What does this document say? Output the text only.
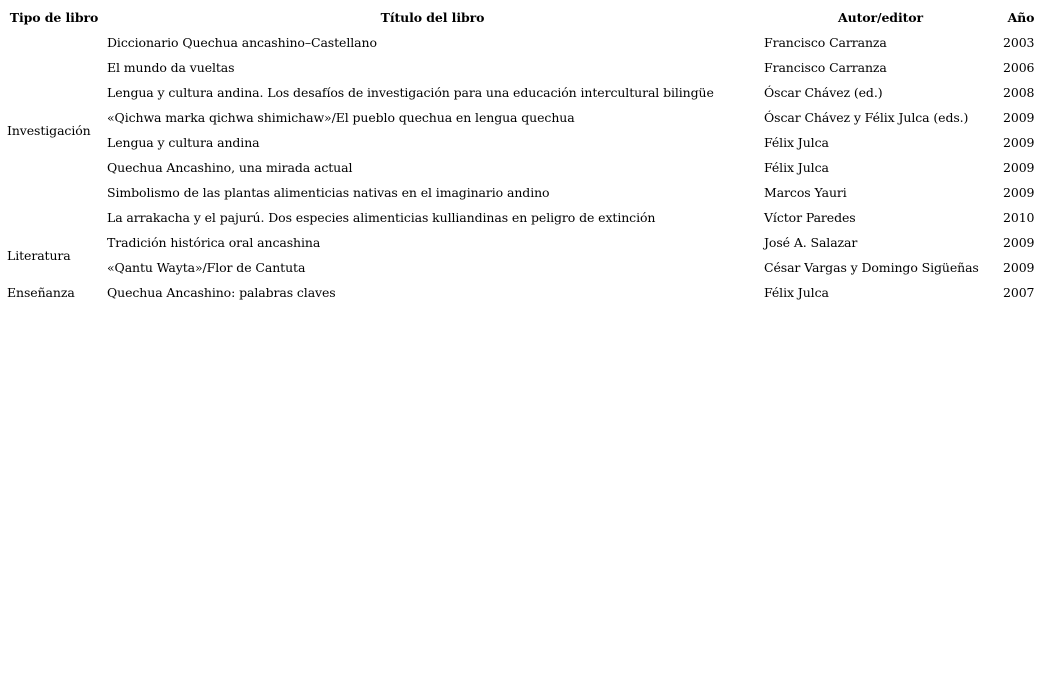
Tipo de libro	Título del libro	Autor/editor	Año
Investigación	Diccionario Quechua ancashino–Castellano	Francisco Carranza	2003
	El mundo da vueltas	Francisco Carranza	2006
	Lengua y cultura andina. Los desafíos de investigación para una educación intercultural bilingüe	Óscar Chávez (ed.)	2008
	«Qichwa marka qichwa shimichaw»/El pueblo quechua en lengua quechua	Óscar Chávez y Félix Julca (eds.)	2009
	Lengua y cultura andina	Félix Julca	2009
	Quechua Ancashino, una mirada actual	Félix Julca	2009
	Simbolismo de las plantas alimenticias nativas en el imaginario andino	Marcos Yauri	2009
	La arrakacha y el pajurú. Dos especies alimenticias kulliandinas en peligro de extinción	Víctor Paredes	2010
Literatura	Tradición histórica oral ancashina	José A. Salazar	2009
	«Qantu Wayta»/Flor de Cantuta	César Vargas y Domingo Sigüeñas	2009
Enseñanza	Quechua Ancashino: palabras claves	Félix Julca	2007
